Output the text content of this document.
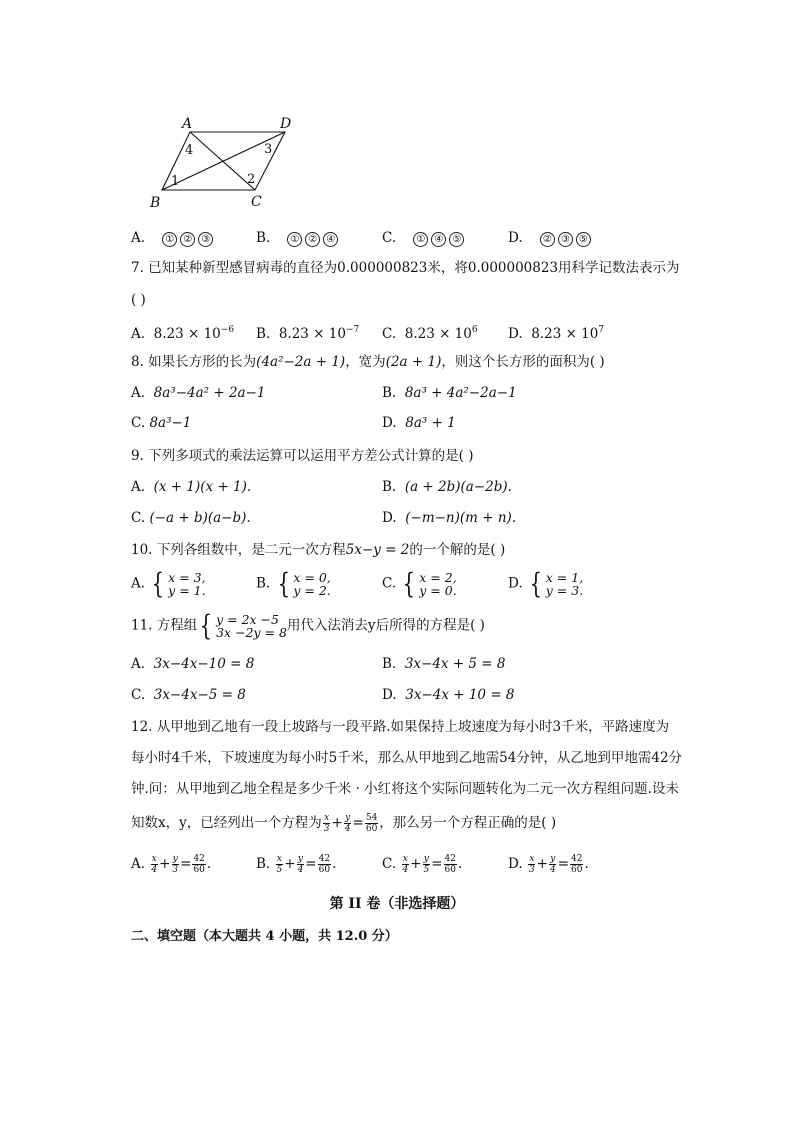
A	D
B	C
4	3
1	2
A. ① ② ③	B. ① ② ④	C. ① ④ ⑤	D. ② ③ ⑤
7. 已知某种新型感冒病毒的直径为0.000000823米，将0.000000823用科学记数法表示为
( )
A. $8.23 \times 10^{-6}$ B. $8.23 \times 10^{-7}$ C. $8.23 \times 10^6$ D. $8.23 \times 10^7$
8. 如果长方形的长为(4a²−2a + 1)，宽为(2a + 1)，则这个长方形的面积为( )
A. 8a³−4a² + 2a−1	B. 8a³ + 4a²−2a−1
C. 8a³−1	D. 8a³ + 1
9. 下列多项式的乘法运算可以运用平方差公式计算的是( )
A. (x + 1)(x + 1).	B. (a + 2b)(a−2b).
C. (−a + b)(a−b).	D. (−m−n)(m + n).
10. 下列各组数中，是二元一次方程5x−y = 2的一个解的是( )
A. { x = 3,
y = 1.	B. { x = 0,
y = 2.	C. { x = 2,
y = 0.	D. { x = 1,
y = 3.
11. 方程组{ y = 2x −5
3x −2y = 8用代入法消去y后所得的方程是( )
A. 3x−4x−10 = 8	B. 3x−4x + 5 = 8
C. 3x−4x−5 = 8	D. 3x−4x + 10 = 8
12. 从甲地到乙地有一段上坡路与一段平路.如果保持上坡速度为每小时3千米，平路速度为
每小时4千米，下坡速度为每小时5千米，那么从甲地到乙地需54分钟，从乙地到甲地需42分
钟.问：从甲地到乙地全程是多少千米 · 小红将这个实际问题转化为二元一次方程组问题.设未
知数x，y，已经列出一个方程为 $\frac{x}{3} + \frac{y}{4} = \frac{54}{60}$ ，那么另一个方程正确的是( )
A. $\frac{x}{4} + \frac{y}{3} = \frac{42}{60}$ .	B. $\frac{x}{5} + \frac{y}{4} = \frac{42}{60}$ .	C. $\frac{x}{4} + \frac{y}{5} = \frac{42}{60}$ .	D. $\frac{x}{3} + \frac{y}{4} = \frac{42}{60}$ .
第 II 卷（非选择题）
二、填空题（本大题共 4 小题，共 12.0 分）
